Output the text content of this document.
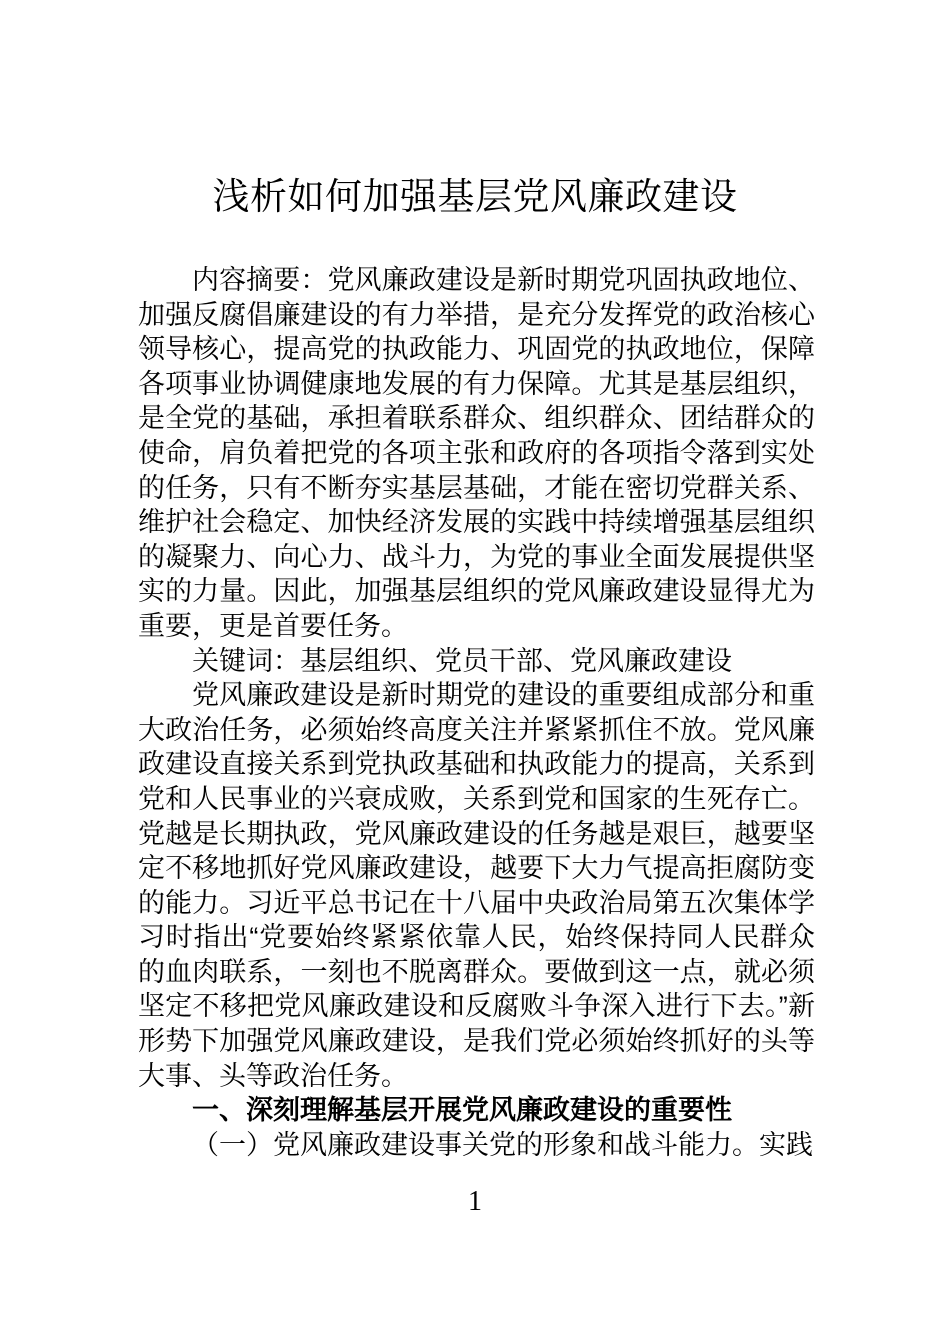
浅析如何加强基层党风廉政建设

内容摘要：党风廉政建设是新时期党巩固执政地位、加强反腐倡廉建设的有力举措，是充分发挥党的政治核心领导核心，提高党的执政能力、巩固党的执政地位，保障各项事业协调健康地发展的有力保障。尤其是基层组织，是全党的基础，承担着联系群众、组织群众、团结群众的使命，肩负着把党的各项主张和政府的各项指令落到实处的任务，只有不断夯实基层基础，才能在密切党群关系、维护社会稳定、加快经济发展的实践中持续增强基层组织的凝聚力、向心力、战斗力，为党的事业全面发展提供坚实的力量。因此，加强基层组织的党风廉政建设显得尤为重要，更是首要任务。

关键词：基层组织、党员干部、党风廉政建设

党风廉政建设是新时期党的建设的重要组成部分和重大政治任务，必须始终高度关注并紧紧抓住不放。党风廉政建设直接关系到党执政基础和执政能力的提高，关系到党和人民事业的兴衰成败，关系到党和国家的生死存亡。党越是长期执政，党风廉政建设的任务越是艰巨，越要坚定不移地抓好党风廉政建设，越要下大力气提高拒腐防变的能力。习近平总书记在十八届中央政治局第五次集体学习时指出“党要始终紧紧依靠人民，始终保持同人民群众的血肉联系，一刻也不脱离群众。要做到这一点，就必须坚定不移把党风廉政建设和反腐败斗争深入进行下去。”新形势下加强党风廉政建设，是我们党必须始终抓好的头等大事、头等政治任务。

一、深刻理解基层开展党风廉政建设的重要性

（一）党风廉政建设事关党的形象和战斗能力。实践

1
